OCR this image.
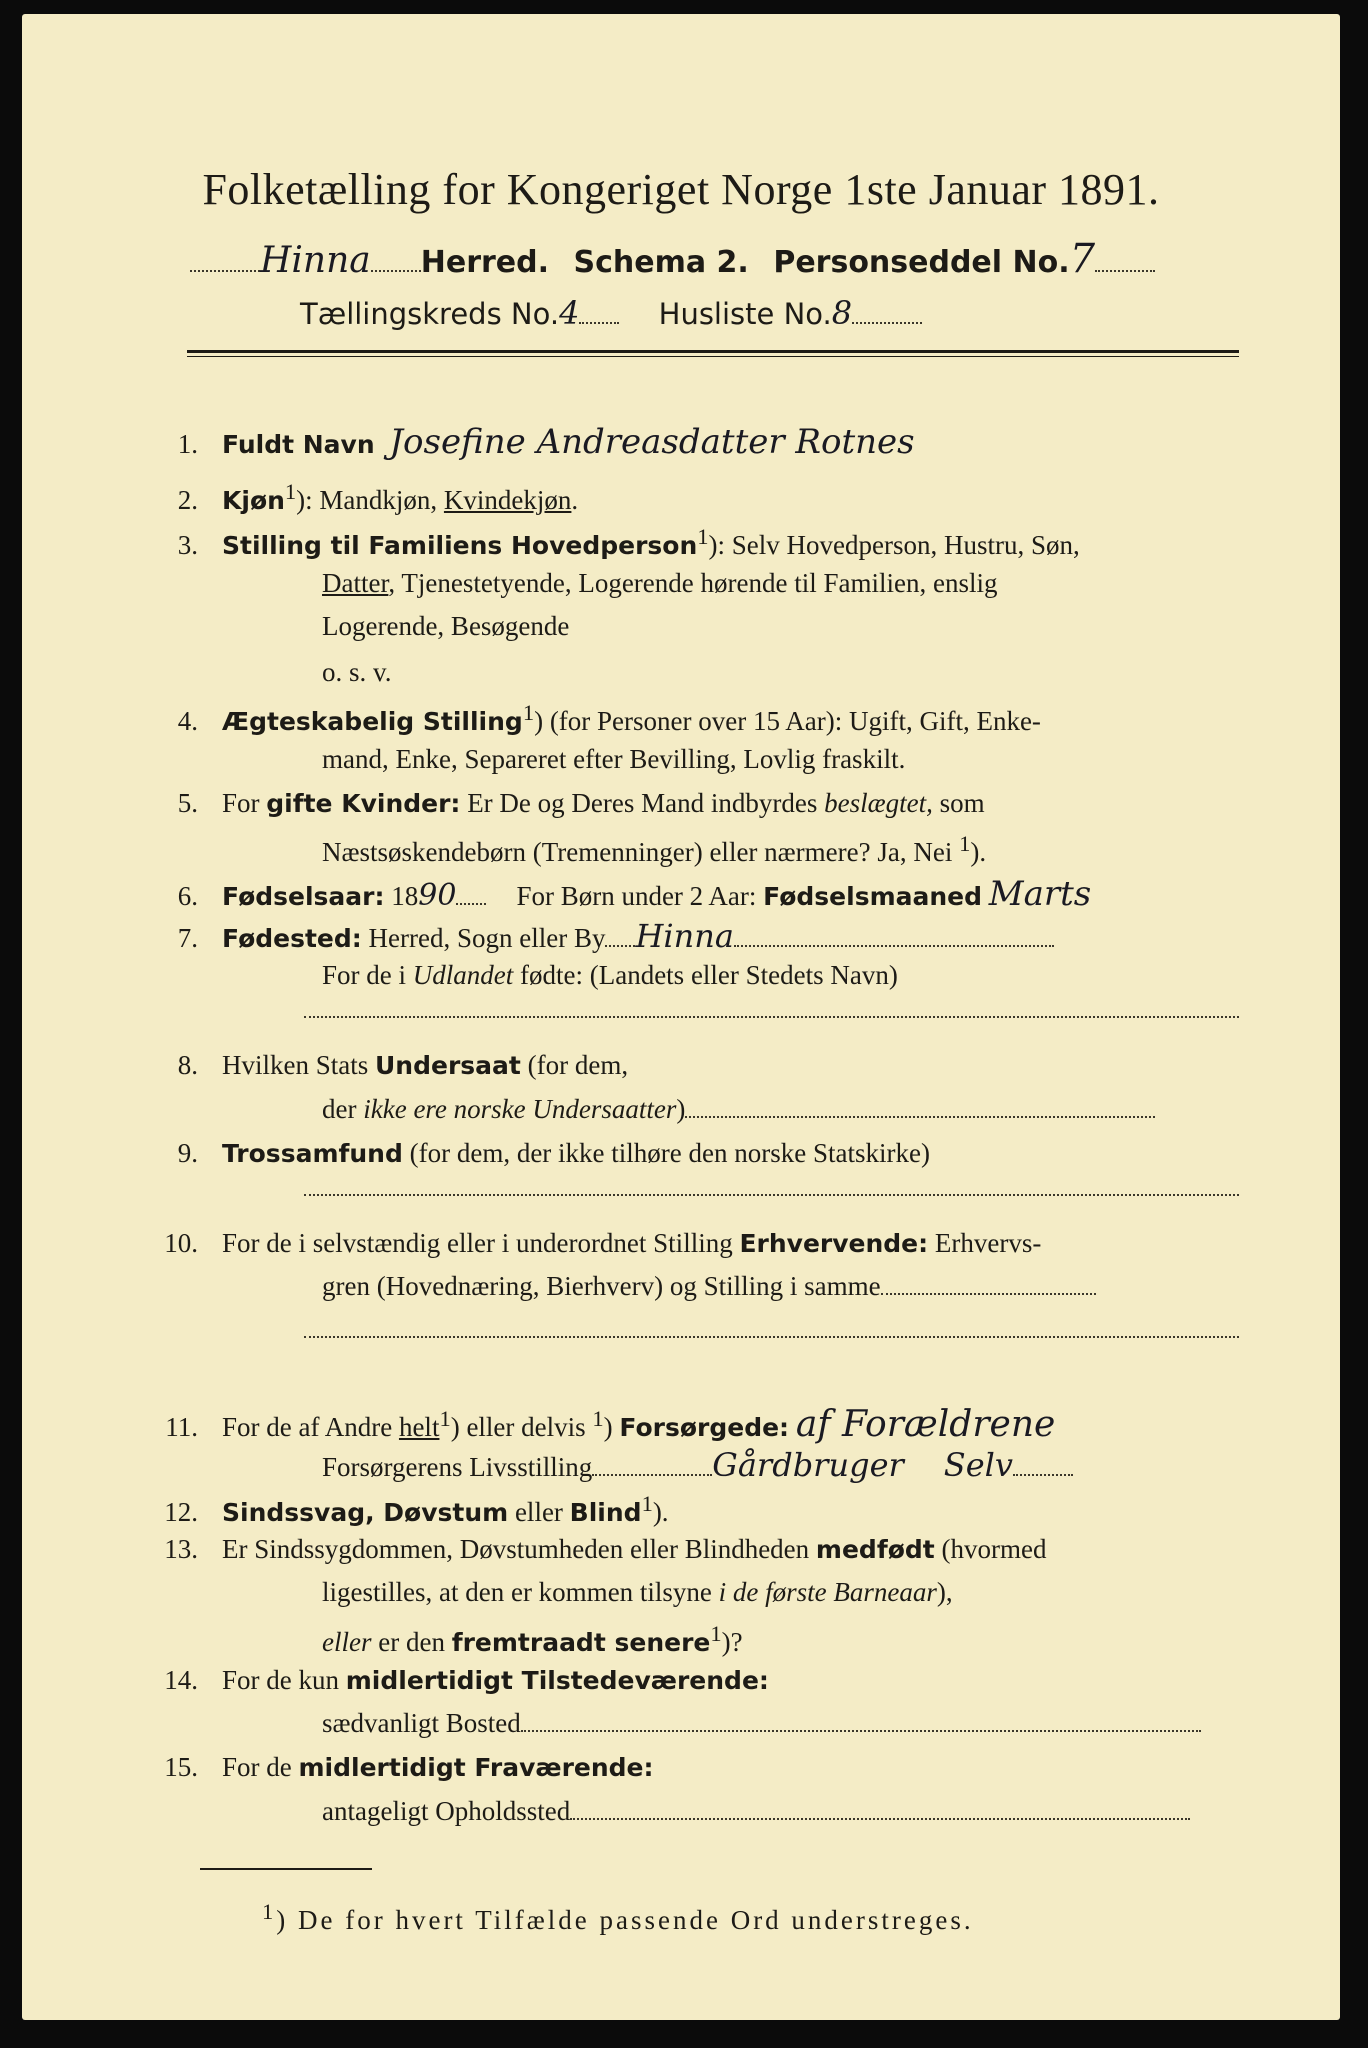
Folketælling for Kongeriget Norge 1ste Januar 1891.
Hinna Herred. Schema 2. Personseddel No.7
Tællingskreds No.4	Husliste No.8
1. Fuldt Navn Josefine Andreasdatter Rotnes
2. Kjøn$^1$): Mandkjøn, Kvindekjøn.
3. Stilling til Familiens Hovedperson$^1$): Selv Hovedperson, Hustru, Søn,
Datter, Tjenestetyende, Logerende hørende til Familien, enslig
Logerende, Besøgende
o. s. v.
4. Ægteskabelig Stilling$^1$) (for Personer over 15 Aar): Ugift, Gift, Enke-
mand, Enke, Separeret efter Bevilling, Lovlig fraskilt.
5. For gifte Kvinder: Er De og Deres Mand indbyrdes beslægtet, som
Næstsøskendebørn (Tremenninger) eller nærmere? Ja, Nei $^1$).
6. Fødselsaar: 1890 For Børn under 2 Aar: Fødselsmaaned Marts
7. Fødested: Herred, Sogn eller By Hinna
For de i Udlandet fødte: (Landets eller Stedets Navn)
8. Hvilken Stats Undersaat (for dem,
der ikke ere norske Undersaatter)
9. Trossamfund (for dem, der ikke tilhøre den norske Statskirke)
10. For de i selvstændig eller i underordnet Stilling Erhvervende: Erhvervs-
gren (Hovednæring, Bierhverv) og Stilling i samme
11. For de af Andre helt$^1$) eller delvis $^1$) Forsørgede: af Forældrene
Forsørgerens Livsstilling	Gårdbruger Selv
12. Sindssvag, Døvstum eller Blind$^1$).
13. Er Sindssygdommen, Døvstumheden eller Blindheden medfødt (hvormed
ligestilles, at den er kommen tilsyne i de første Barneaar),
eller er den fremtraadt senere$^1$)?
14. For de kun midlertidigt Tilstedeværende:
sædvanligt Bosted
15. For de midlertidigt Fraværende:
antageligt Opholdssted
$^1$) De for hvert Tilfælde passende Ord understreges.
